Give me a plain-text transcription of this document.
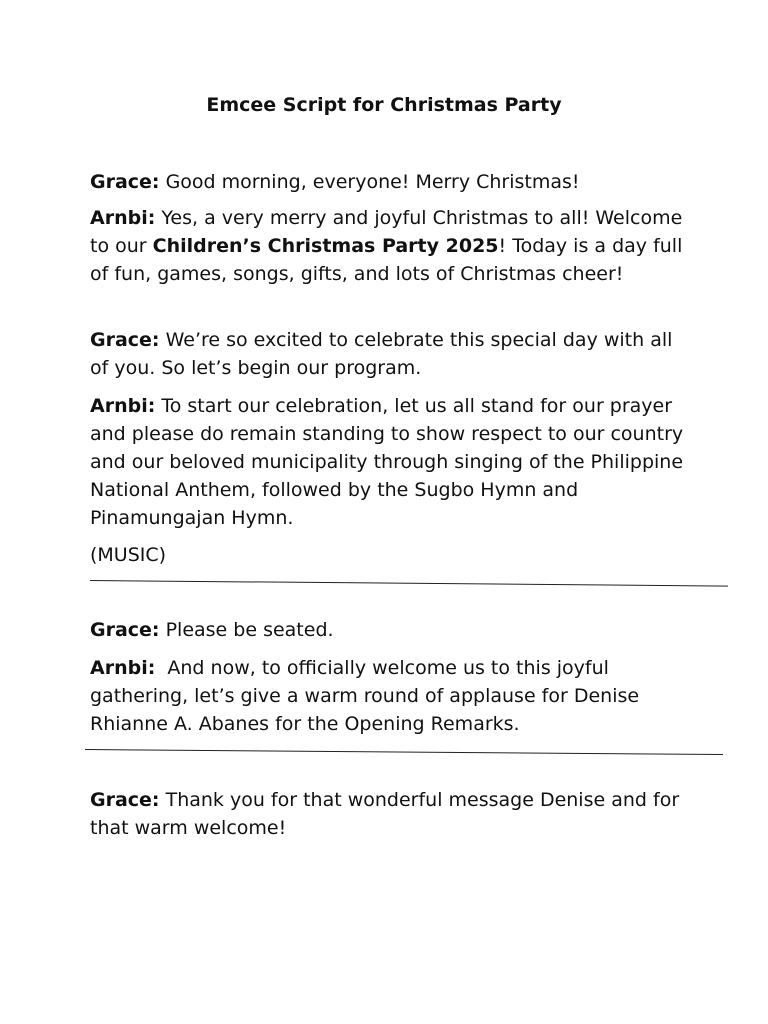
Emcee Script for Christmas Party

Grace: Good morning, everyone! Merry Christmas!

Arnbi: Yes, a very merry and joyful Christmas to all! Welcome to our Children’s Christmas Party 2025! Today is a day full of fun, games, songs, gifts, and lots of Christmas cheer!

Grace: We’re so excited to celebrate this special day with all of you. So let’s begin our program.

Arnbi: To start our celebration, let us all stand for our prayer and please do remain standing to show respect to our country and our beloved municipality through singing of the Philippine National Anthem, followed by the Sugbo Hymn and Pinamungajan Hymn.

(MUSIC)

Grace: Please be seated.

Arnbi:  And now, to officially welcome us to this joyful gathering, let’s give a warm round of applause for Denise Rhianne A. Abanes for the Opening Remarks.

Grace: Thank you for that wonderful message Denise and for that warm welcome!
